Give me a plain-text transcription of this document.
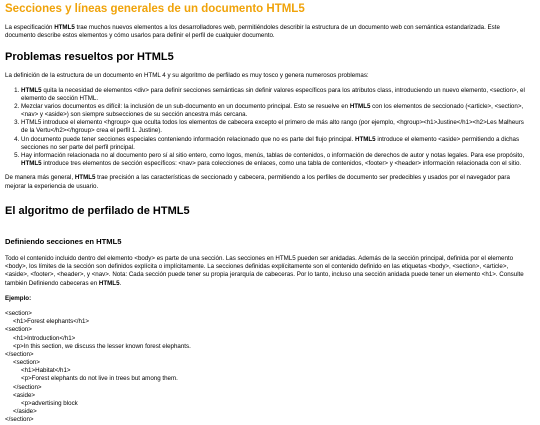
Secciones y líneas generales de un documento HTML5

La especificación HTML5 trae muchos nuevos elementos a los desarrolladores web, permitiéndoles describir la estructura de un documento web con semántica estandarizada. Este documento describe estos elementos y cómo usarlos para definir el perfil de cualquier documento.

Problemas resueltos por HTML5

La definición de la estructura de un documento en HTML 4 y su algoritmo de perfilado es muy tosco y genera numerosos problemas:

1. HTML5 quita la necesidad de elementos <div> para definir secciones semánticas sin definir valores específicos para los atributos class, introduciendo un nuevo elemento, <section>, el elemento de sección HTML.
2. Mezclar varios documentos es difícil: la inclusión de un sub-documento en un documento principal. Esto se resuelve en HTML5 con los elementos de seccionado (<article>, <section>, <nav> y <aside>) son siempre subsecciones de su sección ancestra más cercana.
3. HTML5 introduce el elemento <hgroup> que oculta todos los elementos de cabecera excepto el primero de más alto rango (por ejemplo, <hgroup><h1>Justine</h1><h2>Les Malheurs de la Vertu</h2></hgroup> crea el perfil 1. Justine).
4. Un documento puede tener secciones especiales conteniendo información relacionado que no es parte del flujo principal. HTML5 introduce el elemento <aside> permitiendo a dichas secciones no ser parte del perfil principal.
5. Hay información relacionada no al documento pero sí al sitio entero, como logos, menús, tablas de contenidos, o información de derechos de autor y notas legales. Para ese propósito, HTML5 introduce tres elementos de sección específicos: <nav> para colecciones de enlaces, como una tabla de contenidos, <footer> y <header> información relacionada con el sitio.

De manera más general, HTML5 trae precisión a las características de seccionado y cabecera, permitiendo a los perfiles de documento ser predecibles y usados por el navegador para mejorar la experiencia de usuario.

El algoritmo de perfilado de HTML5
Definiendo secciones en HTML5

Todo el contenido incluido dentro del elemento <body> es parte de una sección. Las secciones en HTML5 pueden ser anidadas. Además de la sección principal, definida por el elemento <body>, los límites de la sección son definidos explícita o implícitamente. La secciones definidas explícitamente son el contenido definido en las etiquetas <body>, <section>, <article>, <aside>, <footer>, <header>, y <nav>. Nota: Cada sección puede tener su propia jerarquía de cabeceras. Por lo tanto, incluso una sección anidada puede tener un elemento <h1>. Consulte también Definiendo cabeceras en HTML5.

Ejemplo:
<section>
<h1>Forest elephants</h1>
<section>
<h1>Introduction</h1>
<p>In this section, we discuss the lesser known forest elephants.
</section>
<section>
<h1>Habitat</h1>
<p>Forest elephants do not live in trees but among them.
</section>
<aside>
<p>advertising block
</aside>
</section>
